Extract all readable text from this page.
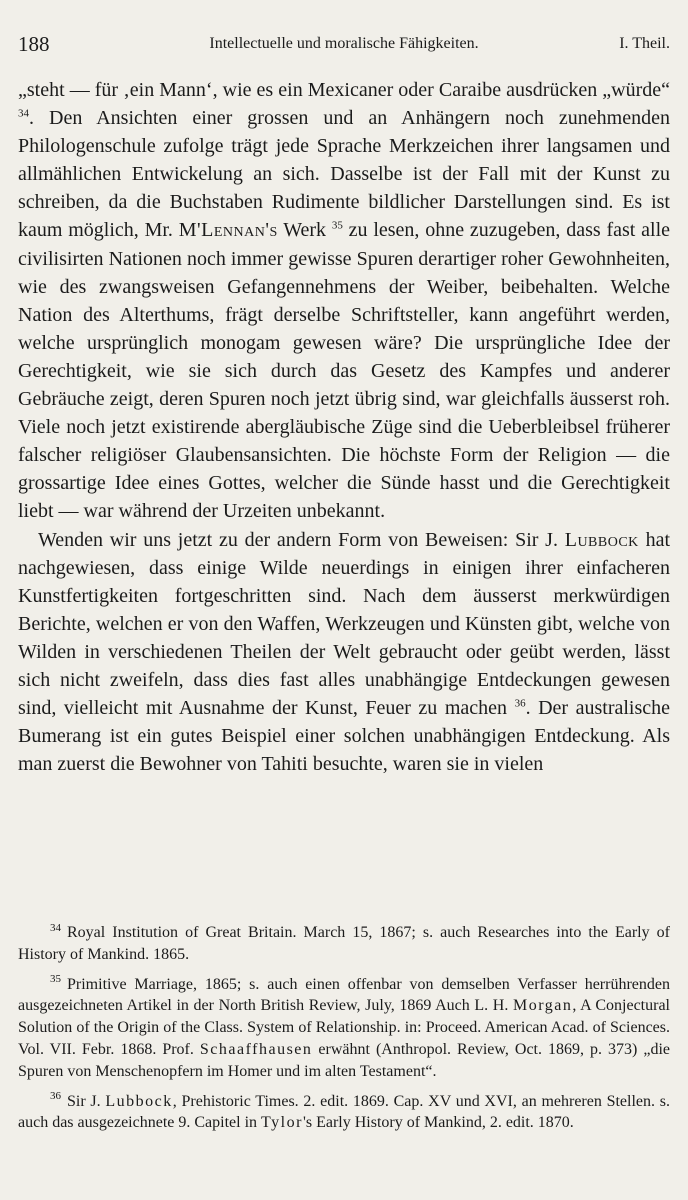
188	Intellectuelle und moralische Fähigkeiten.	I. Theil.

„steht — für ‚ein Mann‘, wie es ein Mexicaner oder Caraibe ausdrücken „würde“ $^{34}$. Den Ansichten einer grossen und an Anhängern noch zunehmenden Philologenschule zufolge trägt jede Sprache Merkzeichen ihrer langsamen und allmählichen Entwickelung an sich. Dasselbe ist der Fall mit der Kunst zu schreiben, da die Buchstaben Rudimente bildlicher Darstellungen sind. Es ist kaum möglich, Mr. M'Lennan's Werk $^{35}$ zu lesen, ohne zuzugeben, dass fast alle civilisirten Nationen noch immer gewisse Spuren derartiger roher Gewohnheiten, wie des zwangsweisen Gefangennehmens der Weiber, beibehalten. Welche Nation des Alterthums, frägt derselbe Schriftsteller, kann angeführt werden, welche ursprünglich monogam gewesen wäre? Die ursprüngliche Idee der Gerechtigkeit, wie sie sich durch das Gesetz des Kampfes und anderer Gebräuche zeigt, deren Spuren noch jetzt übrig sind, war gleichfalls äusserst roh. Viele noch jetzt existirende abergläubische Züge sind die Ueberbleibsel früherer falscher religiöser Glaubensansichten. Die höchste Form der Religion — die grossartige Idee eines Gottes, welcher die Sünde hasst und die Gerechtigkeit liebt — war während der Urzeiten unbekannt.

Wenden wir uns jetzt zu der andern Form von Beweisen: Sir J. Lubbock hat nachgewiesen, dass einige Wilde neuerdings in einigen ihrer einfacheren Kunstfertigkeiten fortgeschritten sind. Nach dem äusserst merkwürdigen Berichte, welchen er von den Waffen, Werkzeugen und Künsten gibt, welche von Wilden in verschiedenen Theilen der Welt gebraucht oder geübt werden, lässt sich nicht zweifeln, dass dies fast alles unabhängige Entdeckungen gewesen sind, vielleicht mit Ausnahme der Kunst, Feuer zu machen $^{36}$. Der australische Bumerang ist ein gutes Beispiel einer solchen unabhängigen Entdeckung. Als man zuerst die Bewohner von Tahiti besuchte, waren sie in vielen

34 Royal Institution of Great Britain. March 15, 1867; s. auch Researches into the Early of History of Mankind. 1865.

35 Primitive Marriage, 1865; s. auch einen offenbar von demselben Verfasser herrührenden ausgezeichneten Artikel in der North British Review, July, 1869 Auch L. H. Morgan, A Conjectural Solution of the Origin of the Class. System of Relationship. in: Proceed. American Acad. of Sciences. Vol. VII. Febr. 1868. Prof. Schaaffhausen erwähnt (Anthropol. Review, Oct. 1869, p. 373) „die Spuren von Menschenopfern im Homer und im alten Testament“.

36 Sir J. Lubbock, Prehistoric Times. 2. edit. 1869. Cap. XV und XVI, an mehreren Stellen. s. auch das ausgezeichnete 9. Capitel in Tylor's Early History of Mankind, 2. edit. 1870.
